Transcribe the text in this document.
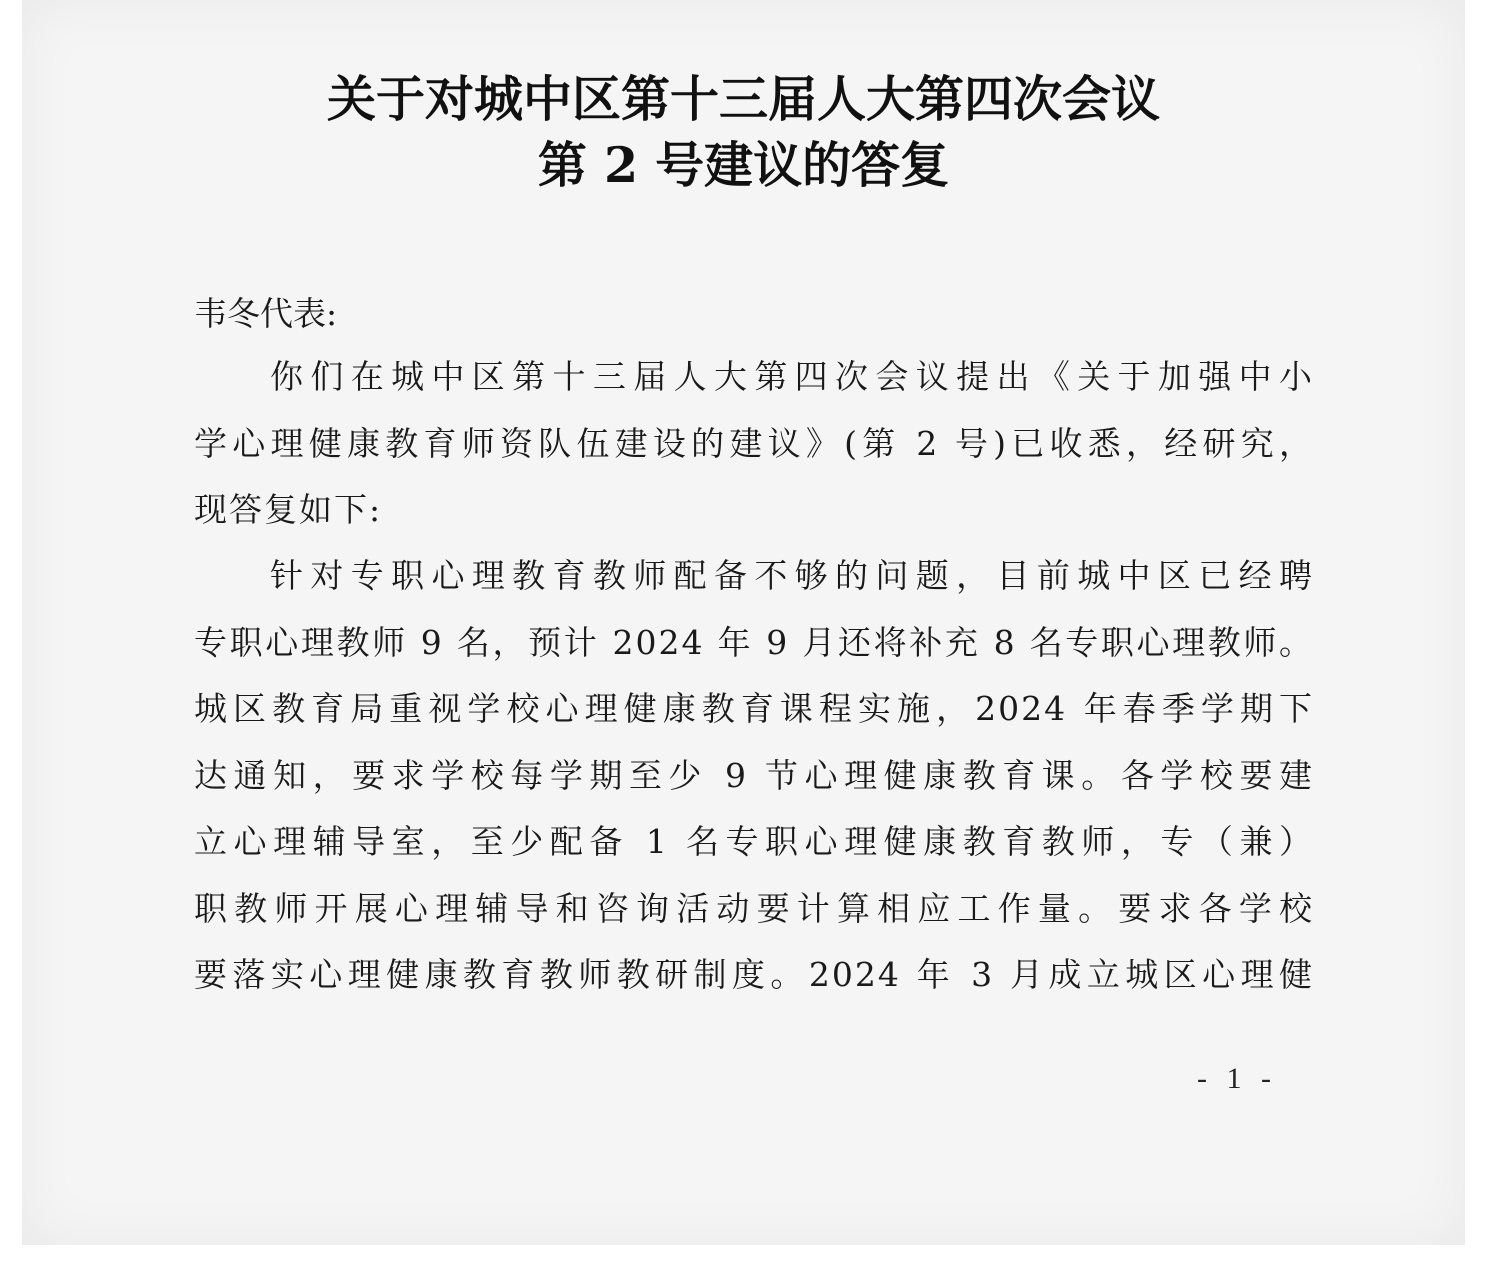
关于对城中区第十三届人大第四次会议
第 2 号建议的答复

韦冬代表:

你们在城中区第十三届人大第四次会议提出《关于加强中小
学心理健康教育师资队伍建设的建议》(第 2 号)已收悉，经研究，
现答复如下:
针对专职心理教育教师配备不够的问题，目前城中区已经聘
专职心理教师 9 名，预计 2024 年 9 月还将补充 8 名专职心理教师。
城区教育局重视学校心理健康教育课程实施，2024 年春季学期下
达通知，要求学校每学期至少 9 节心理健康教育课。各学校要建
立心理辅导室，至少配备 1 名专职心理健康教育教师，专（兼）
职教师开展心理辅导和咨询活动要计算相应工作量。要求各学校
要落实心理健康教育教师教研制度。2024 年 3 月成立城区心理健
- 1 -
